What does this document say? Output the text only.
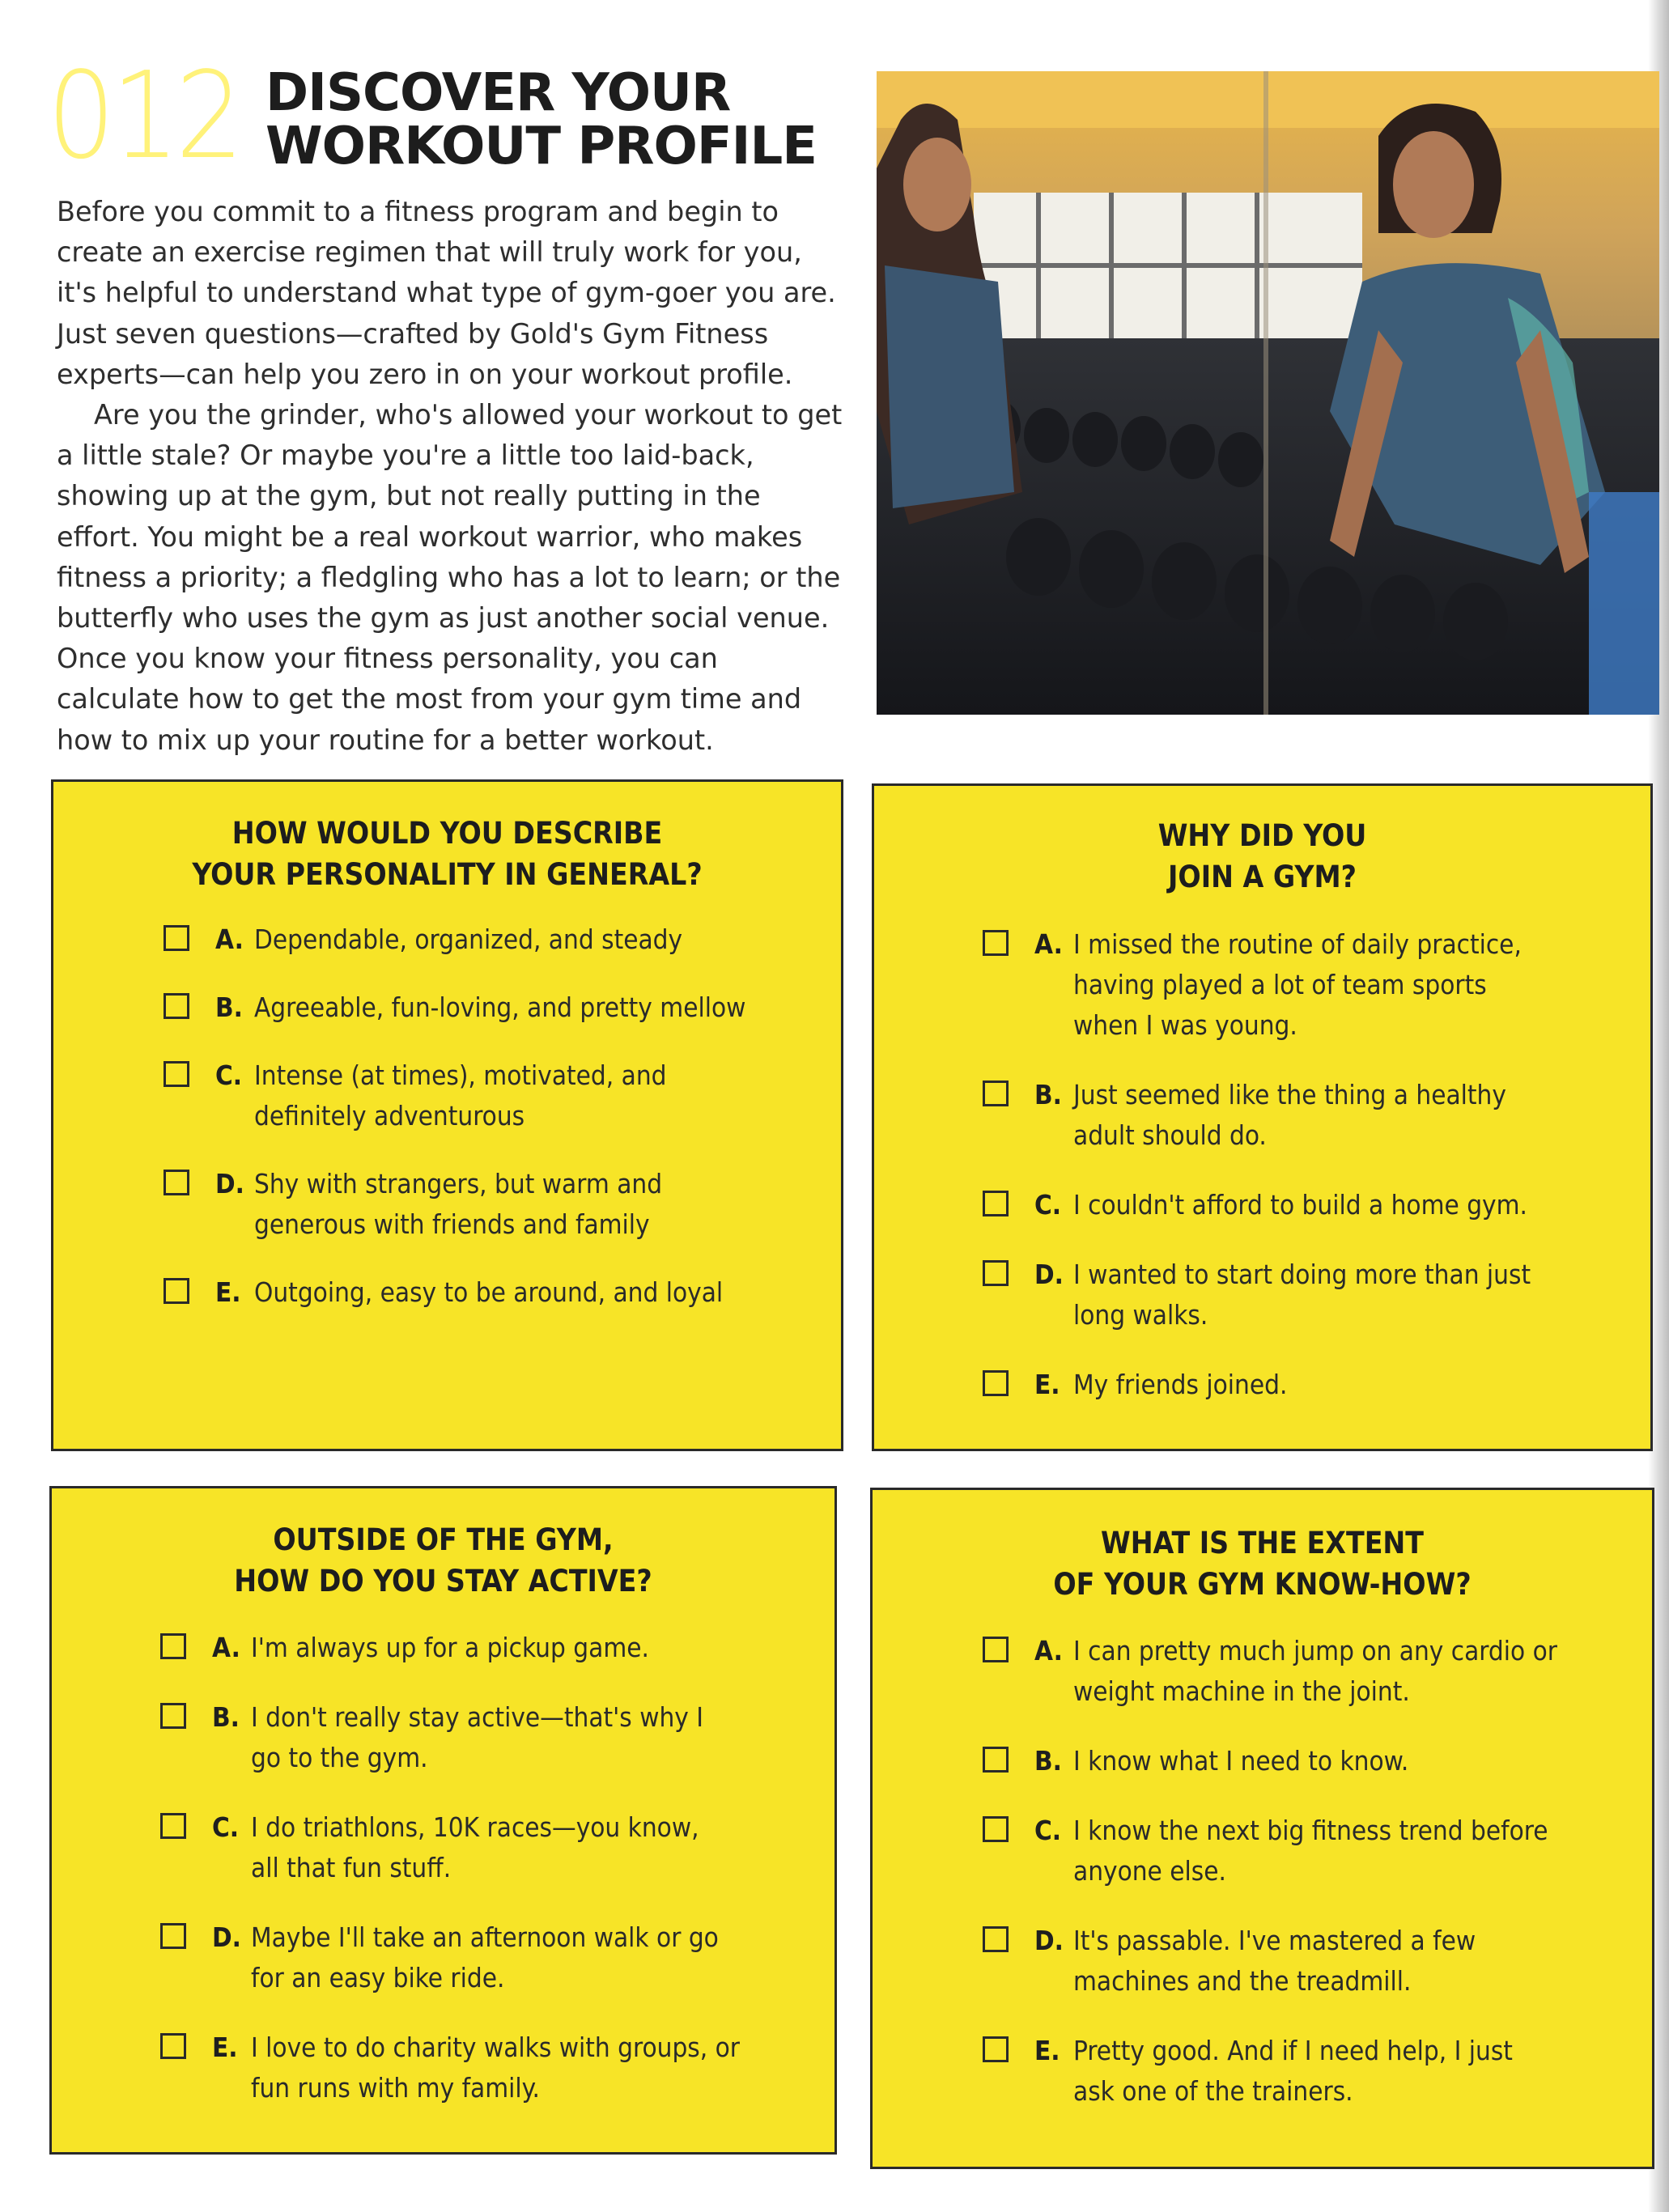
012 DISCOVER YOUR
WORKOUT PROFILE

Before you commit to a fitness program and begin to create an exercise regimen that will truly work for you, it's helpful to understand what type of gym-goer you are. Just seven questions—crafted by Gold's Gym Fitness experts—can help you zero in on your workout profile.

Are you the grinder, who's allowed your workout to get a little stale? Or maybe you're a little too laid-back, showing up at the gym, but not really putting in the effort. You might be a real workout warrior, who makes fitness a priority; a fledgling who has a lot to learn; or the butterfly who uses the gym as just another social venue. Once you know your fitness personality, you can calculate how to get the most from your gym time and how to mix up your routine for a better workout.

HOW WOULD YOU DESCRIBE
YOUR PERSONALITY IN GENERAL?
A. Dependable, organized, and steady
B. Agreeable, fun-loving, and pretty mellow
C. Intense (at times), motivated, and definitely adventurous
D. Shy with strangers, but warm and generous with friends and family
E. Outgoing, easy to be around, and loyal
WHY DID YOU
JOIN A GYM?
A. I missed the routine of daily practice, having played a lot of team sports when I was young.
B. Just seemed like the thing a healthy adult should do.
C. I couldn't afford to build a home gym.
D. I wanted to start doing more than just long walks.
E. My friends joined.
OUTSIDE OF THE GYM,
HOW DO YOU STAY ACTIVE?
A. I'm always up for a pickup game.
B. I don't really stay active—that's why I go to the gym.
C. I do triathlons, 10K races—you know, all that fun stuff.
D. Maybe I'll take an afternoon walk or go for an easy bike ride.
E. I love to do charity walks with groups, or fun runs with my family.
WHAT IS THE EXTENT
OF YOUR GYM KNOW-HOW?
A. I can pretty much jump on any cardio or weight machine in the joint.
B. I know what I need to know.
C. I know the next big fitness trend before anyone else.
D. It's passable. I've mastered a few machines and the treadmill.
E. Pretty good. And if I need help, I just ask one of the trainers.
